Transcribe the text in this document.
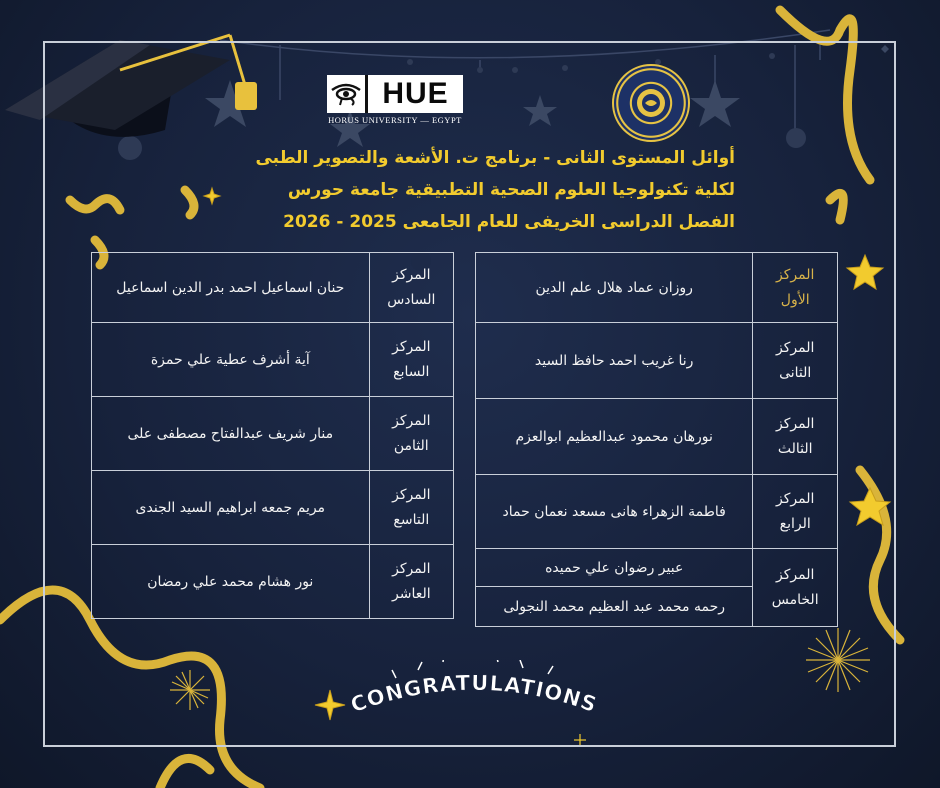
HUE
HORUS UNIVERSITY — EGYPT
أوائل المستوى الثانى - برنامج ت. الأشعة والتصوير الطبى
لكلية تكنولوجيا العلوم الصحية التطبيقية جامعة حورس
الفصل الدراسى الخريفى للعام الجامعى 2025 - 2026
المركز
الأول	روزان عماد هلال علم الدين
المركز
الثانى	رنا غريب احمد حافظ السيد
المركز
الثالث	نورهان محمود عبدالعظيم ابوالعزم
المركز
الرابع	فاطمة الزهراء هانى مسعد نعمان حماد
المركز
الخامس	عبير رضوان علي حميده
	رحمه محمد عبد العظيم محمد النجولى
المركز
السادس	حنان اسماعيل احمد بدر الدين اسماعيل
المركز
السابع	آية أشرف عطية علي حمزة
المركز
الثامن	منار شريف عبدالفتاح مصطفى على
المركز
التاسع	مريم جمعه ابراهيم السيد الجندى
المركز
العاشر	نور هشام محمد علي رمضان
CONGRATULATIONS
